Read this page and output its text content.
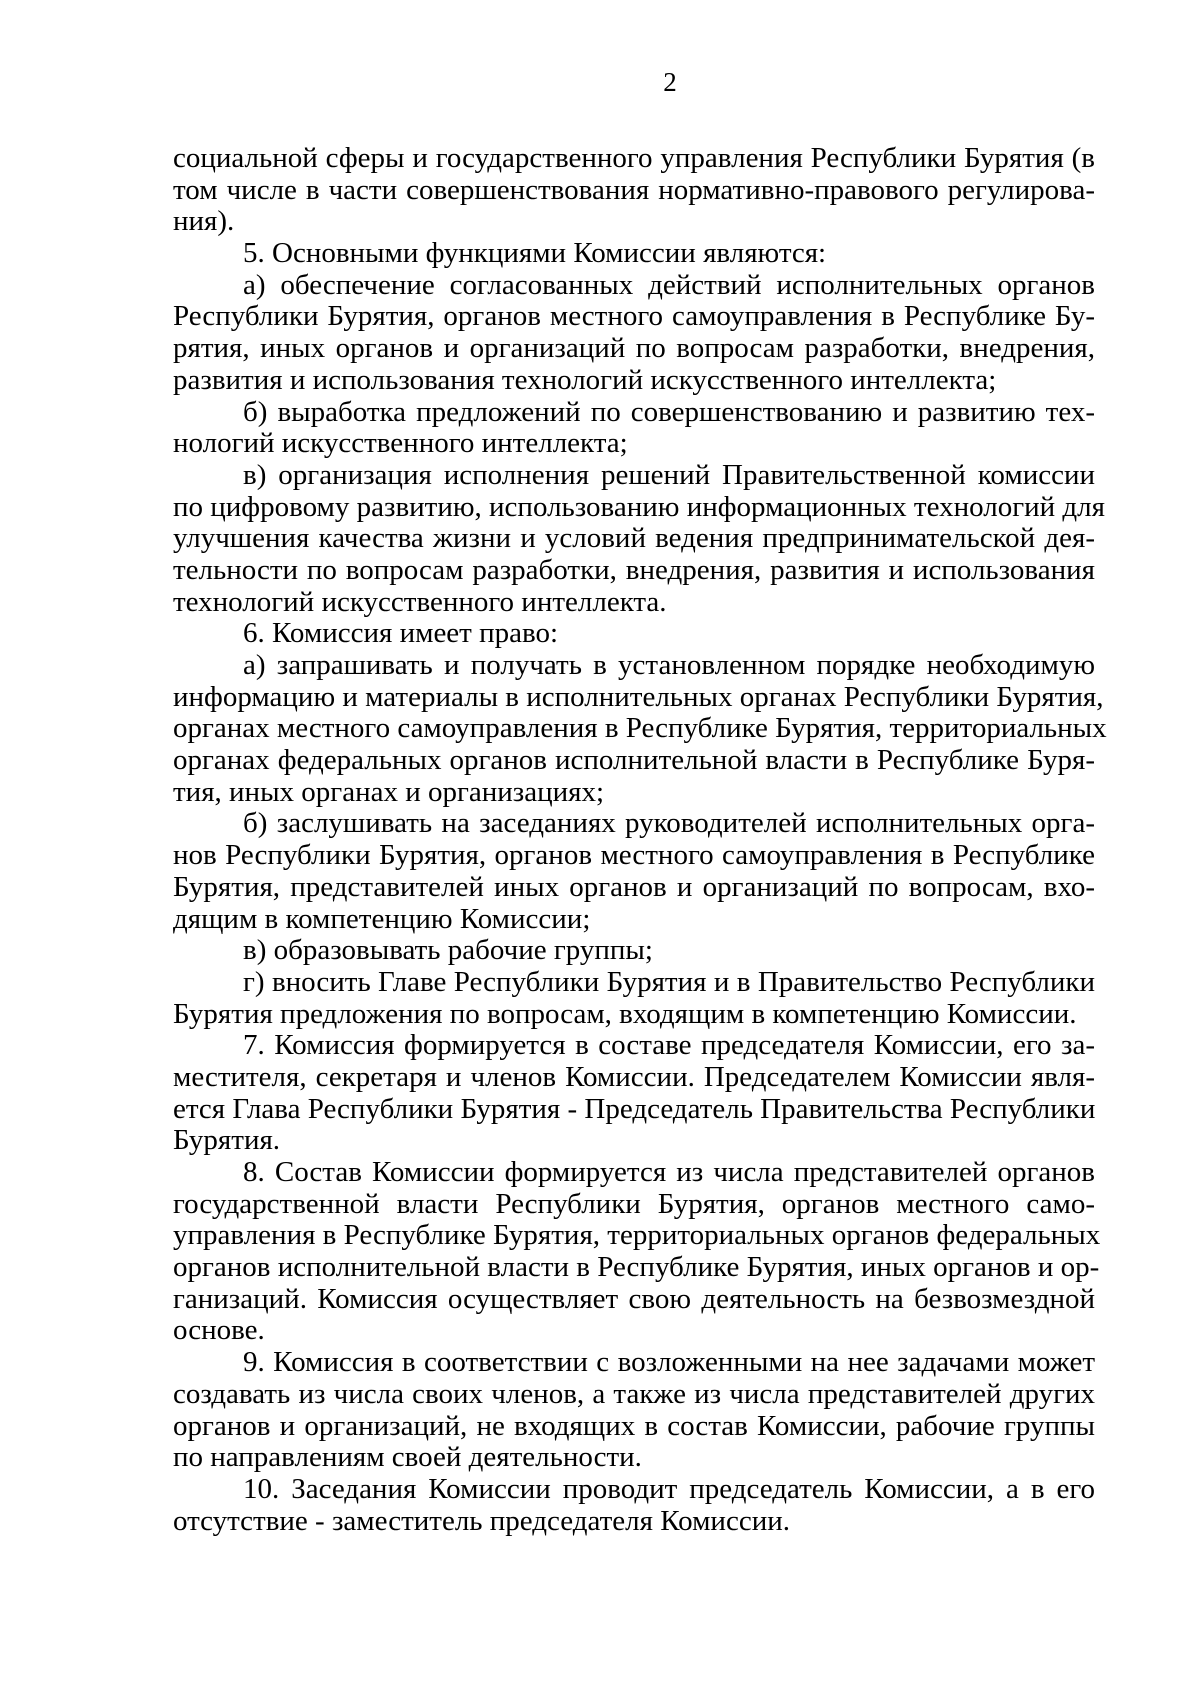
2
социальной сферы и государственного управления Республики Бурятия (в
том числе в части совершенствования нормативно-правового регулирова-
ния).
5. Основными функциями Комиссии являются:
а) обеспечение согласованных действий исполнительных органов
Республики Бурятия, органов местного самоуправления в Республике Бу-
рятия, иных органов и организаций по вопросам разработки, внедрения,
развития и использования технологий искусственного интеллекта;
б) выработка предложений по совершенствованию и развитию тех-
нологий искусственного интеллекта;
в) организация исполнения решений Правительственной комиссии
по цифровому развитию, использованию информационных технологий для
улучшения качества жизни и условий ведения предпринимательской дея-
тельности по вопросам разработки, внедрения, развития и использования
технологий искусственного интеллекта.
6. Комиссия имеет право:
а) запрашивать и получать в установленном порядке необходимую
информацию и материалы в исполнительных органах Республики Бурятия,
органах местного самоуправления в Республике Бурятия, территориальных
органах федеральных органов исполнительной власти в Республике Буря-
тия, иных органах и организациях;
б) заслушивать на заседаниях руководителей исполнительных орга-
нов Республики Бурятия, органов местного самоуправления в Республике
Бурятия, представителей иных органов и организаций по вопросам, вхо-
дящим в компетенцию Комиссии;
в) образовывать рабочие группы;
г) вносить Главе Республики Бурятия и в Правительство Республики
Бурятия предложения по вопросам, входящим в компетенцию Комиссии.
7. Комиссия формируется в составе председателя Комиссии, его за-
местителя, секретаря и членов Комиссии. Председателем Комиссии явля-
ется Глава Республики Бурятия - Председатель Правительства Республики
Бурятия.
8. Состав Комиссии формируется из числа представителей органов
государственной власти Республики Бурятия, органов местного само-
управления в Республике Бурятия, территориальных органов федеральных
органов исполнительной власти в Республике Бурятия, иных органов и ор-
ганизаций. Комиссия осуществляет свою деятельность на безвозмездной
основе.
9. Комиссия в соответствии с возложенными на нее задачами может
создавать из числа своих членов, а также из числа представителей других
органов и организаций, не входящих в состав Комиссии, рабочие группы
по направлениям своей деятельности.
10. Заседания Комиссии проводит председатель Комиссии, а в его
отсутствие - заместитель председателя Комиссии.
